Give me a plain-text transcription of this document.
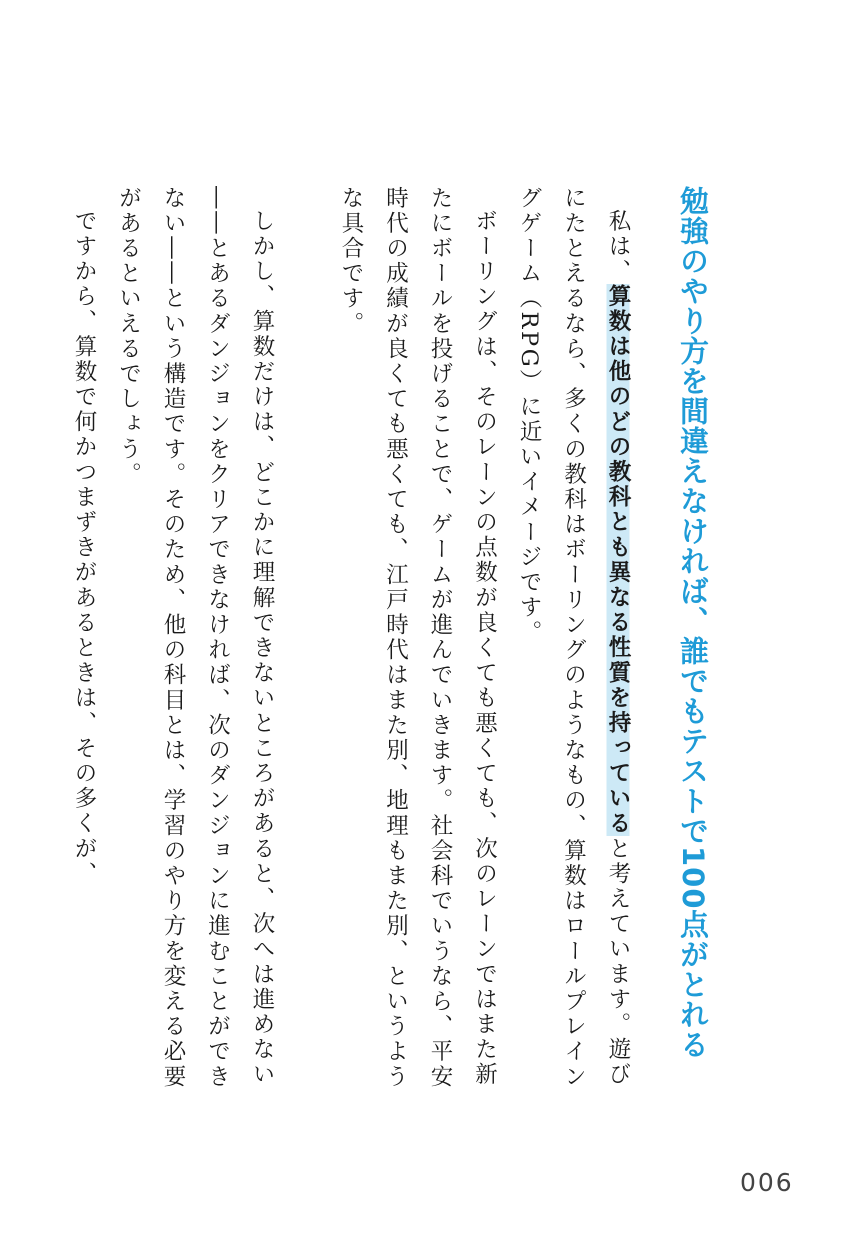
勉強のやり方を間違えなければ、誰でもテストで100点がとれる

私は、算数は他のどの教科とも異なる性質を持っていると考えています。遊びにたとえるなら、多くの教科はボーリングのようなもの、算数はロールプレイングゲーム（RPG）に近いイメージです。

ボーリングは、そのレーンの点数が良くても悪くても、次のレーンではまた新たにボールを投げることで、ゲームが進んでいきます。社会科でいうなら、平安時代の成績が良くても悪くても、江戸時代はまた別、地理もまた別、というような具合です。

しかし、算数だけは、どこかに理解できないところがあると、次へは進めない――とあるダンジョンをクリアできなければ、次のダンジョンに進むことができない――という構造です。そのため、他の科目とは、学習のやり方を変える必要があるといえるでしょう。

ですから、算数で何かつまずきがあるときは、その多くが、

006
